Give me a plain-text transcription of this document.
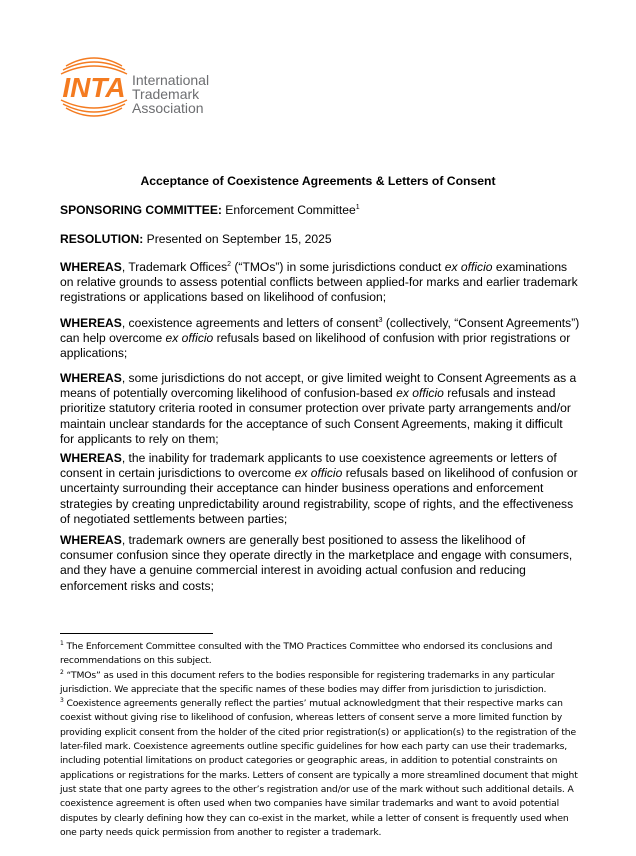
INTA International
Trademark
Association
Acceptance of Coexistence Agreements & Letters of Consent
SPONSORING COMMITTEE: Enforcement Committee$^1$
RESOLUTION: Presented on September 15, 2025
WHEREAS, Trademark Offices$^2$ (“TMOs”) in some jurisdictions conduct ex officio examinations on relative grounds to assess potential conflicts between applied-for marks and earlier trademark registrations or applications based on likelihood of confusion;
WHEREAS, coexistence agreements and letters of consent$^3$ (collectively, “Consent Agreements”) can help overcome ex officio refusals based on likelihood of confusion with prior registrations or applications;
WHEREAS, some jurisdictions do not accept, or give limited weight to Consent Agreements as a means of potentially overcoming likelihood of confusion-based ex officio refusals and instead prioritize statutory criteria rooted in consumer protection over private party arrangements and/or maintain unclear standards for the acceptance of such Consent Agreements, making it difficult for applicants to rely on them;
WHEREAS, the inability for trademark applicants to use coexistence agreements or letters of consent in certain jurisdictions to overcome ex officio refusals based on likelihood of confusion or uncertainty surrounding their acceptance can hinder business operations and enforcement strategies by creating unpredictability around registrability, scope of rights, and the effectiveness of negotiated settlements between parties;
WHEREAS, trademark owners are generally best positioned to assess the likelihood of consumer confusion since they operate directly in the marketplace and engage with consumers, and they have a genuine commercial interest in avoiding actual confusion and reducing enforcement risks and costs;
$^1$ The Enforcement Committee consulted with the TMO Practices Committee who endorsed its conclusions and recommendations on this subject.
$^2$ “TMOs” as used in this document refers to the bodies responsible for registering trademarks in any particular jurisdiction. We appreciate that the specific names of these bodies may differ from jurisdiction to jurisdiction.
$^3$ Coexistence agreements generally reflect the parties’ mutual acknowledgment that their respective marks can coexist without giving rise to likelihood of confusion, whereas letters of consent serve a more limited function by providing explicit consent from the holder of the cited prior registration(s) or application(s) to the registration of the later-filed mark. Coexistence agreements outline specific guidelines for how each party can use their trademarks, including potential limitations on product categories or geographic areas, in addition to potential constraints on applications or registrations for the marks. Letters of consent are typically a more streamlined document that might just state that one party agrees to the other’s registration and/or use of the mark without such additional details. A coexistence agreement is often used when two companies have similar trademarks and want to avoid potential disputes by clearly defining how they can co-exist in the market, while a letter of consent is frequently used when one party needs quick permission from another to register a trademark.
